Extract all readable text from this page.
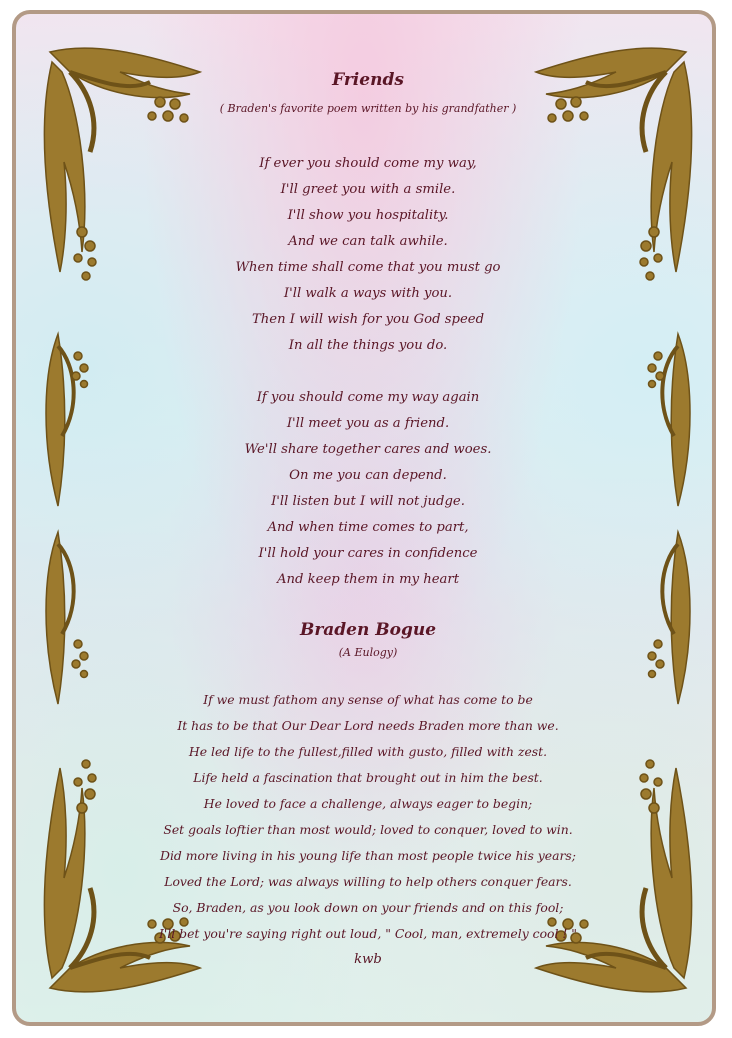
Friends
( Braden's favorite poem written by his grandfather )
If ever you should come my way,
I'll greet you with a smile.
I'll show you hospitality.
And we can talk awhile.
When time shall come that you must go
I'll walk a ways with you.
Then I will wish for you God speed
In all the things you do.
If you should come my way again
I'll meet you as a friend.
We'll share together cares and woes.
On me you can depend.
I'll listen but I will not judge.
And when time comes to part,
I'll hold your cares in confidence
And keep them in my heart
Braden Bogue
(A Eulogy)
If we must fathom any sense of what has come to be
It has to be that Our Dear Lord needs Braden more than we.
He led life to the fullest,filled with gusto, filled with zest.
Life held a fascination that brought out in him the best.
He loved to face a challenge, always eager to begin;
Set goals loftier than most would; loved to conquer, loved to win.
Did more living in his young life than most people twice his years;
Loved the Lord; was always willing to help others conquer fears.
So, Braden, as you look down on your friends and on this fool;
I'll bet you're saying right out loud, " Cool, man, extremely cool ! "
kwb
